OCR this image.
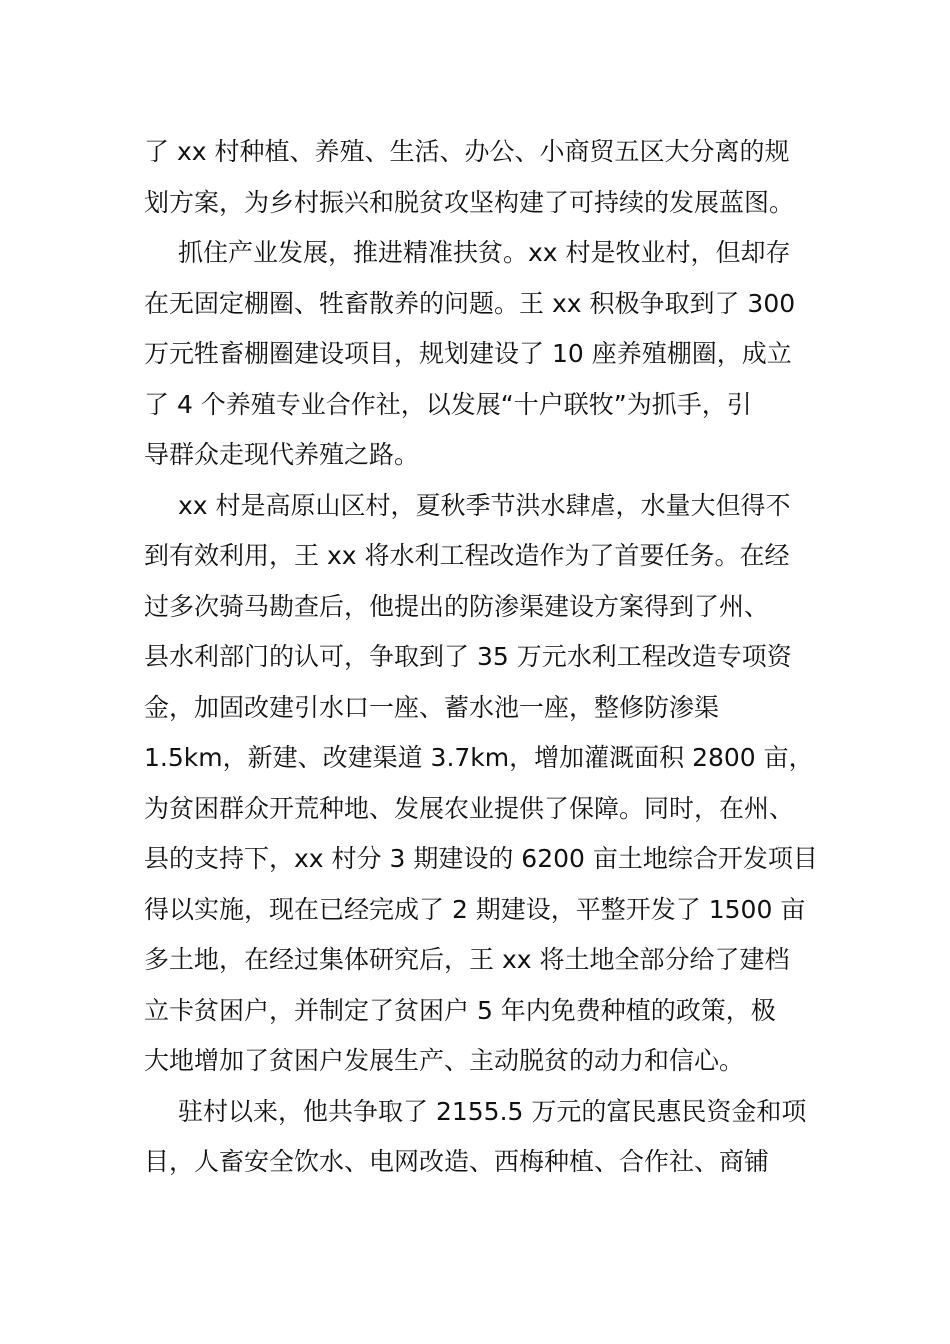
了 xx 村种植、养殖、生活、办公、小商贸五区大分离的规
划方案，为乡村振兴和脱贫攻坚构建了可持续的发展蓝图。
抓住产业发展，推进精准扶贫。xx 村是牧业村，但却存
在无固定棚圈、牲畜散养的问题。王 xx 积极争取到了 300
万元牲畜棚圈建设项目，规划建设了 10 座养殖棚圈，成立
了 4 个养殖专业合作社，以发展“十户联牧”为抓手，引
导群众走现代养殖之路。
xx 村是高原山区村，夏秋季节洪水肆虐，水量大但得不
到有效利用，王 xx 将水利工程改造作为了首要任务。在经
过多次骑马勘查后，他提出的防渗渠建设方案得到了州、
县水利部门的认可，争取到了 35 万元水利工程改造专项资
金，加固改建引水口一座、蓄水池一座，整修防渗渠
1.5km，新建、改建渠道 3.7km，增加灌溉面积 2800 亩，
为贫困群众开荒种地、发展农业提供了保障。同时，在州、
县的支持下，xx 村分 3 期建设的 6200 亩土地综合开发项目
得以实施，现在已经完成了 2 期建设，平整开发了 1500 亩
多土地，在经过集体研究后，王 xx 将土地全部分给了建档
立卡贫困户，并制定了贫困户 5 年内免费种植的政策，极
大地增加了贫困户发展生产、主动脱贫的动力和信心。
驻村以来，他共争取了 2155.5 万元的富民惠民资金和项
目，人畜安全饮水、电网改造、西梅种植、合作社、商铺
